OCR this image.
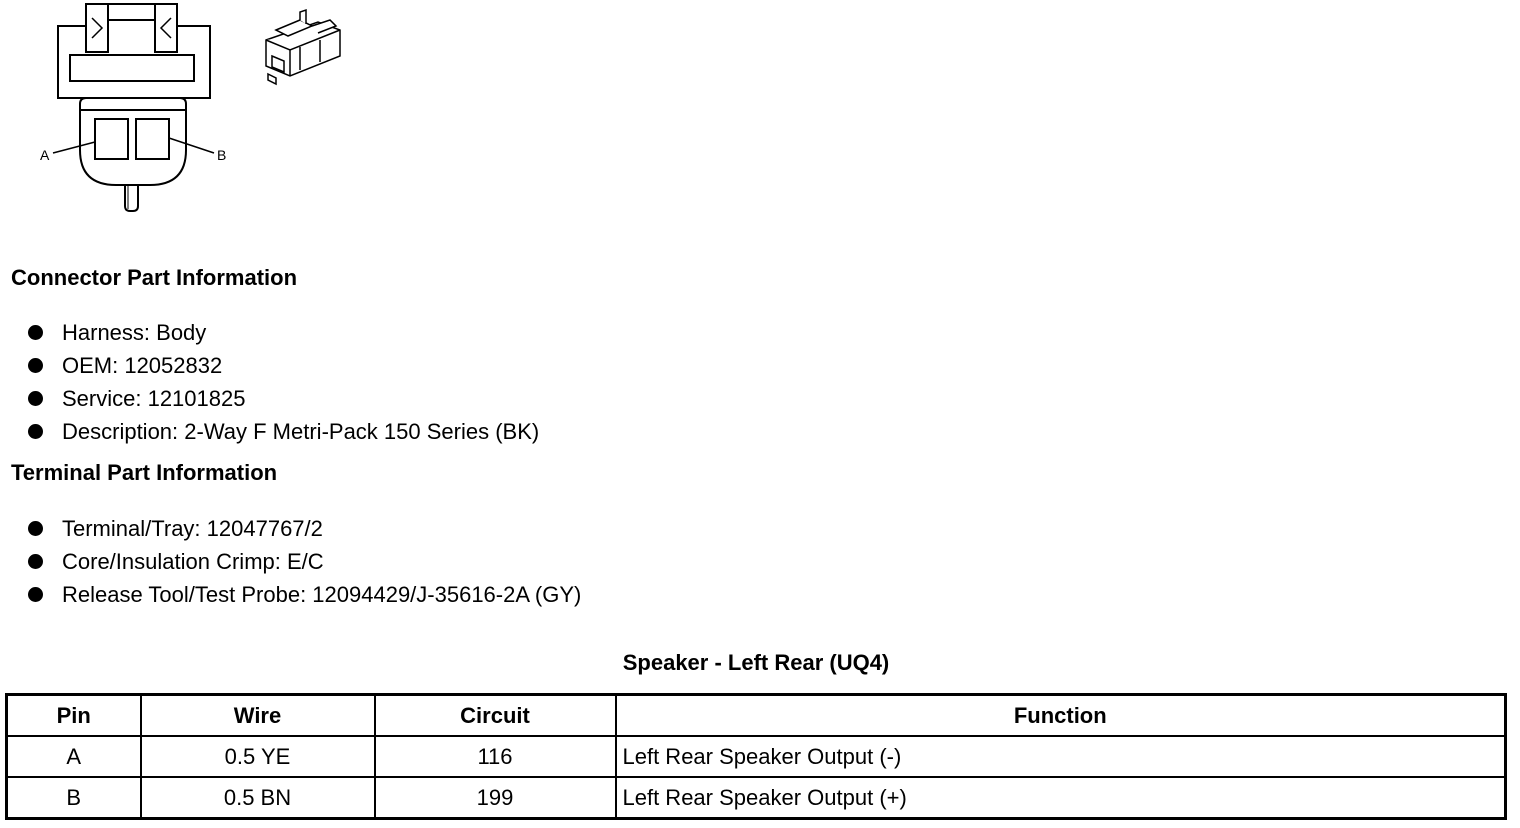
A	B
Connector Part Information
Harness: Body
OEM: 12052832
Service: 12101825
Description: 2-Way F Metri-Pack 150 Series (BK)
Terminal Part Information
Terminal/Tray: 12047767/2
Core/Insulation Crimp: E/C
Release Tool/Test Probe: 12094429/J-35616-2A (GY)
Speaker - Left Rear (UQ4)
Pin	Wire	Circuit	Function
A	0.5 YE	116	Left Rear Speaker Output (-)
B	0.5 BN	199	Left Rear Speaker Output (+)
